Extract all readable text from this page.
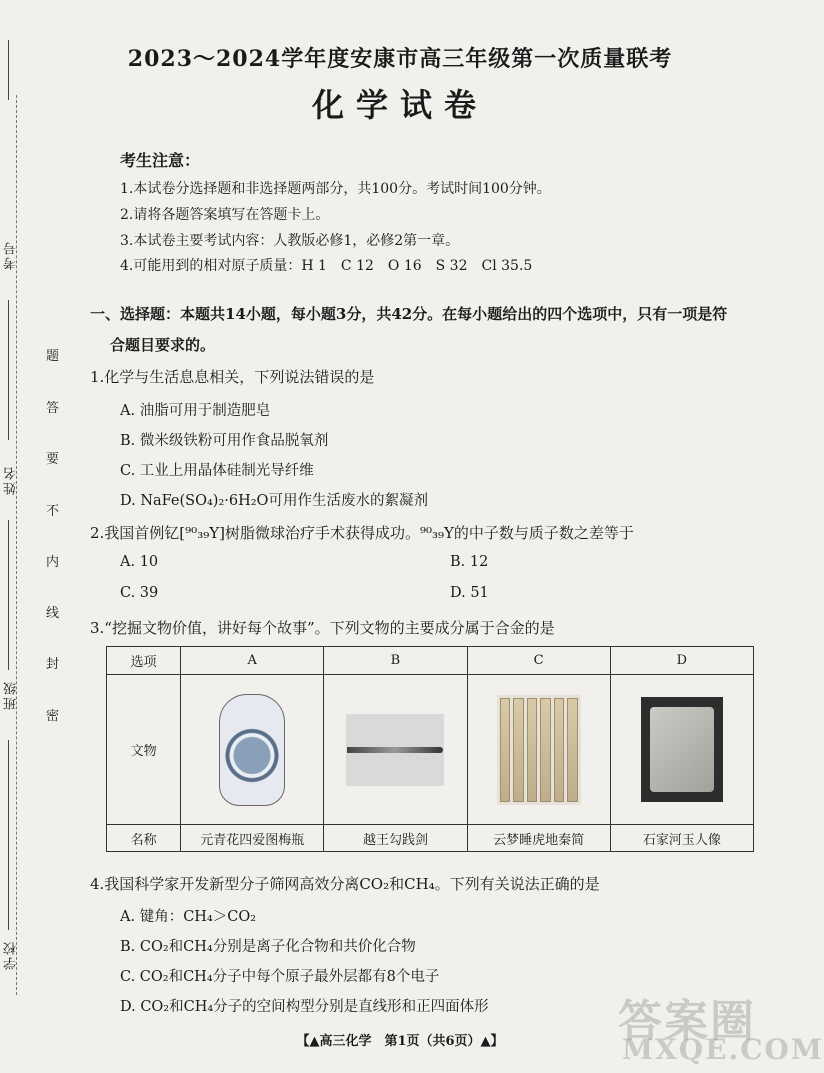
考号
姓名
班级
学校
题
答
要
不
内
线
封
密
2023～2024学年度安康市高三年级第一次质量联考
化学试卷
考生注意：
1.本试卷分选择题和非选择题两部分，共100分。考试时间100分钟。
2.请将各题答案填写在答题卡上。
3.本试卷主要考试内容：人教版必修1，必修2第一章。
4.可能用到的相对原子质量：H 1　C 12　O 16　S 32　Cl 35.5
一、选择题：本题共14小题，每小题3分，共42分。在每小题给出的四个选项中，只有一项是符
合题目要求的。
1.化学与生活息息相关，下列说法错误的是
A. 油脂可用于制造肥皂
B. 微米级铁粉可用作食品脱氧剂
C. 工业上用晶体硅制光导纤维
D. NaFe(SO₄)₂·6H₂O可用作生活废水的絮凝剂
2.我国首例钇[⁹⁰₃₉Y]树脂微球治疗手术获得成功。⁹⁰₃₉Y的中子数与质子数之差等于
A. 10	B. 12
C. 39	D. 51
3.“挖掘文物价值，讲好每个故事”。下列文物的主要成分属于合金的是
选项	A	B	C	D
文物	

名称	元青花四爱图梅瓶	越王勾践剑	云梦睡虎地秦简	石家河玉人像
4.我国科学家开发新型分子筛网高效分离CO₂和CH₄。下列有关说法正确的是
A. 键角：CH₄＞CO₂
B. CO₂和CH₄分别是离子化合物和共价化合物
C. CO₂和CH₄分子中每个原子最外层都有8个电子
D. CO₂和CH₄分子的空间构型分别是直线形和正四面体形
【▲高三化学　第1页（共6页）▲】	答案圈
MXQE.COM
